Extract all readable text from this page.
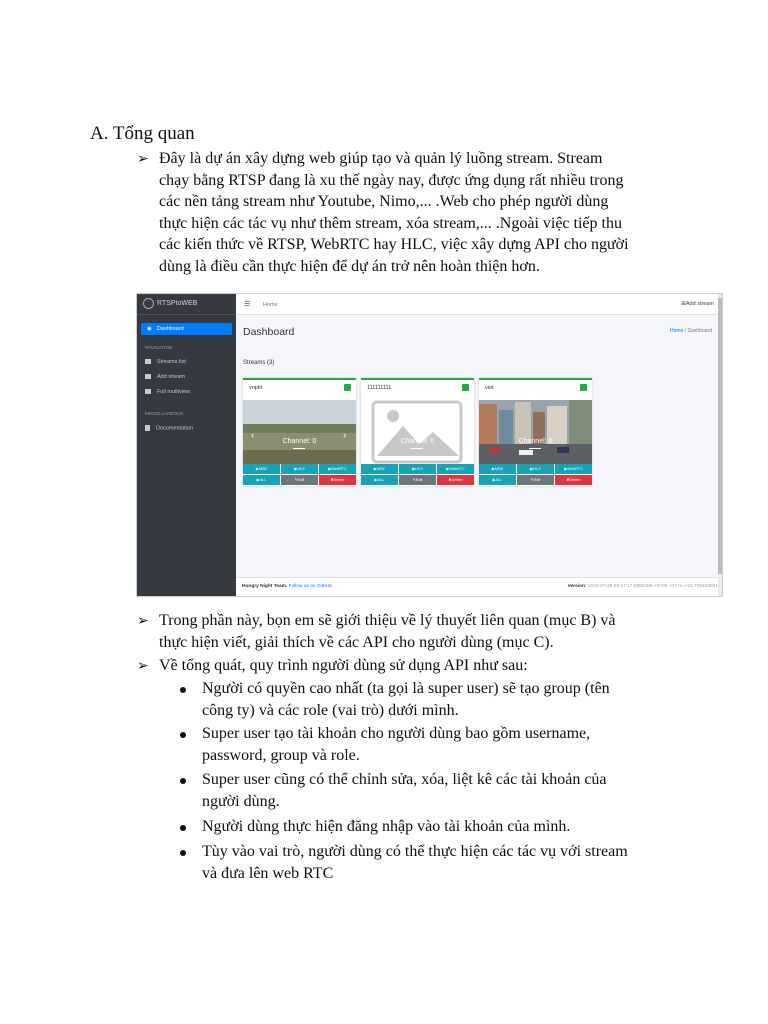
A. Tổng quan
➢ Đây là dự án xây dựng web giúp tạo và quản lý luồng stream. Stream
chạy bằng RTSP đang là xu thế ngày nay, được ứng dụng rất nhiều trong
các nền tảng stream như Youtube, Nimo,... .Web cho phép người dùng
thực hiện các tác vụ như thêm stream, xóa stream,... .Ngoài việc tiếp thu
các kiến thức về RTSP, WebRTC hay HLC, việc xây dựng API cho người
dùng là điều cần thực hiện để dự án trở nên hoàn thiện hơn.
RTSPtoWEB
◉ Dashboard
NAVIGATION
Streams list
Add stream
Full multiview
MISCELLANEOUS
Documentation
☰ Home	⊞Add stream
Dashboard	Home / Dashboard
Streams (3)
vnptit
‹	›
Channel: 0
▶MSE	▶HLS	▶WebRTC
▶ALL	✎Edit	✖Delete
111111111
Channel: 0
▶MSE	▶HLS	▶WebRTC
▶ALL	✎Edit	✖Delete
viot
Channel: 0
▶MSE	▶HLS	▶WebRTC
▶ALL	✎Edit	✖Delete
Hungry Night Team. Follow us on GitHub	Version: 2023-07-26 09:17:17.0850355 +0700 +07 m=+11.736428601
➢ Trong phần này, bọn em sẽ giới thiệu về lý thuyết liên quan (mục B) và
thực hiện viết, giải thích về các API cho người dùng (mục C).
➢ Về tổng quát, quy trình người dùng sử dụng API như sau:
Người có quyền cao nhất (ta gọi là super user) sẽ tạo group (tên
công ty) và các role (vai trò) dưới mình.
Super user tạo tài khoản cho người dùng bao gồm username,
password, group và role.
Super user cũng có thể chỉnh sửa, xóa, liệt kê các tài khoản của
người dùng.
Người dùng thực hiện đăng nhập vào tài khoản của mình.
Tùy vào vai trò, người dùng có thể thực hiện các tác vụ với stream
và đưa lên web RTC
